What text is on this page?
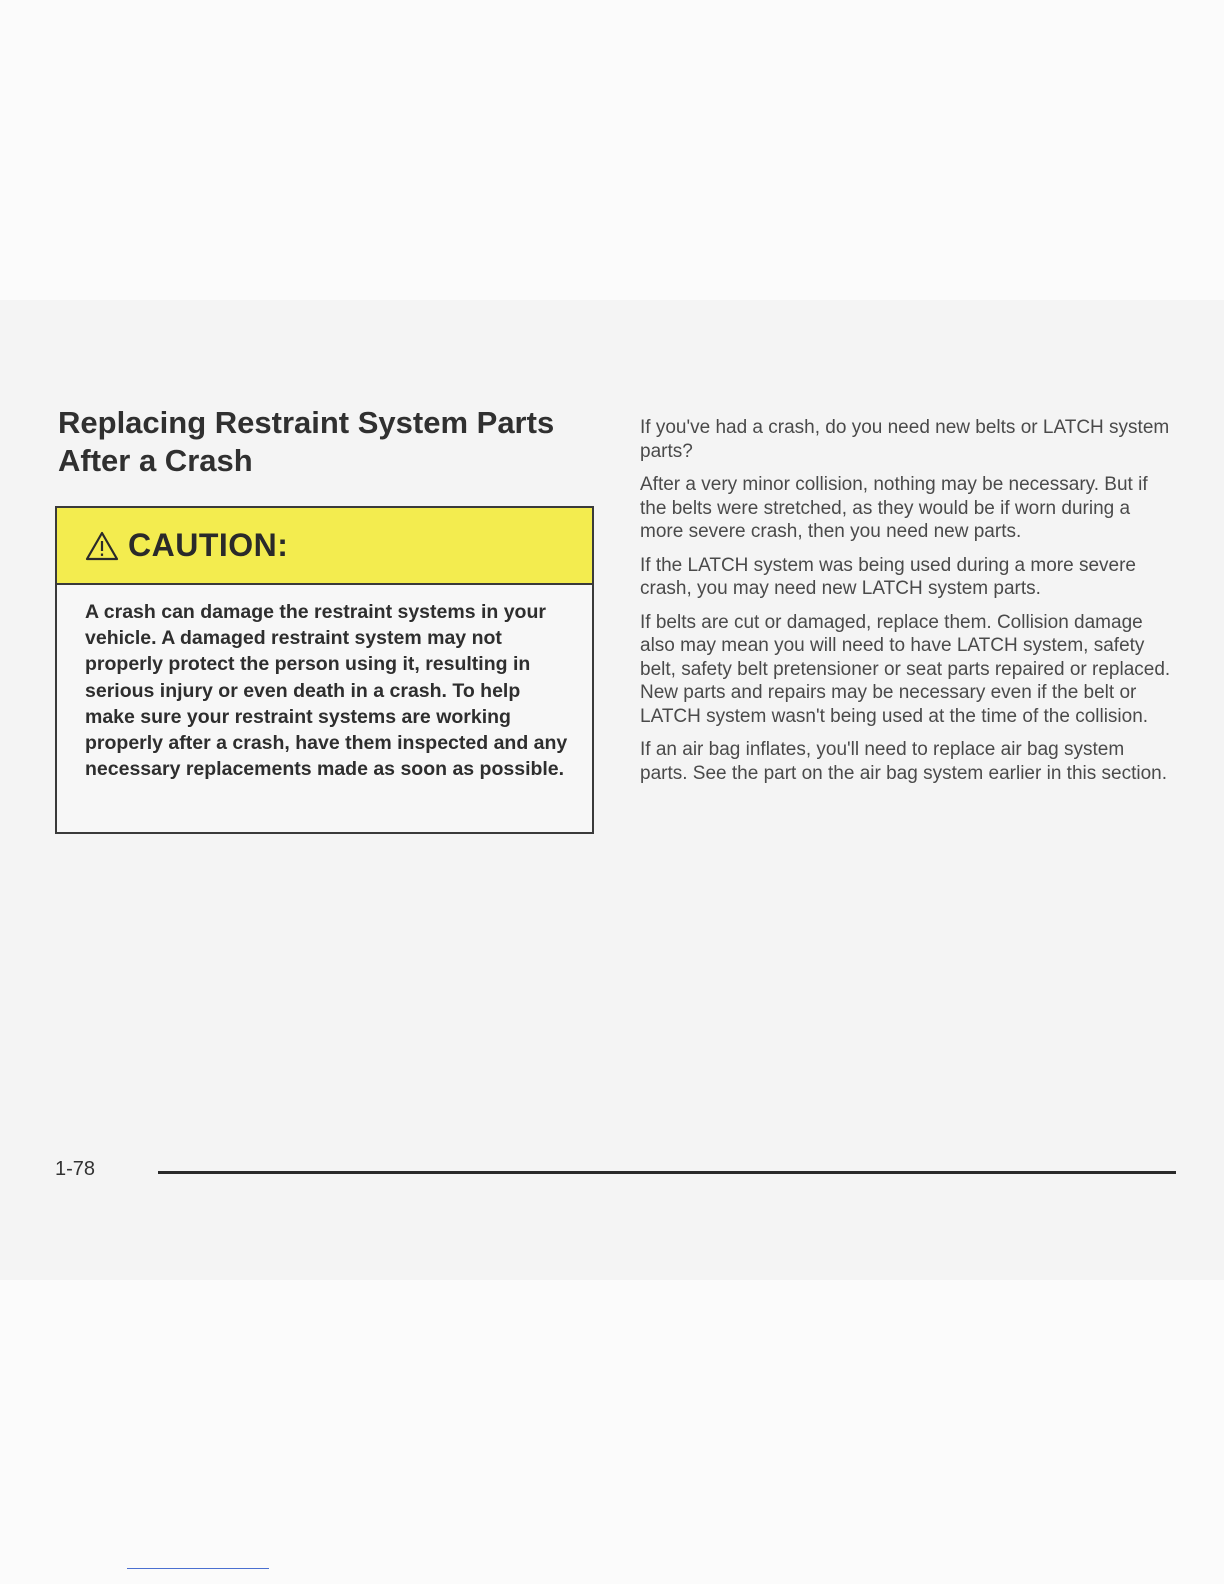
Replacing Restraint System Parts After a Crash
CAUTION:
A crash can damage the restraint systems in your vehicle. A damaged restraint system may not properly protect the person using it, resulting in serious injury or even death in a crash. To help make sure your restraint systems are working properly after a crash, have them inspected and any necessary replacements made as soon as possible.

If you've had a crash, do you need new belts or LATCH system parts?

After a very minor collision, nothing may be necessary. But if the belts were stretched, as they would be if worn during a more severe crash, then you need new parts.

If the LATCH system was being used during a more severe crash, you may need new LATCH system parts.

If belts are cut or damaged, replace them. Collision damage also may mean you will need to have LATCH system, safety belt, safety belt pretensioner or seat parts repaired or replaced. New parts and repairs may be necessary even if the belt or LATCH system wasn't being used at the time of the collision.

If an air bag inflates, you'll need to replace air bag system parts. See the part on the air bag system earlier in this section.

1-78
